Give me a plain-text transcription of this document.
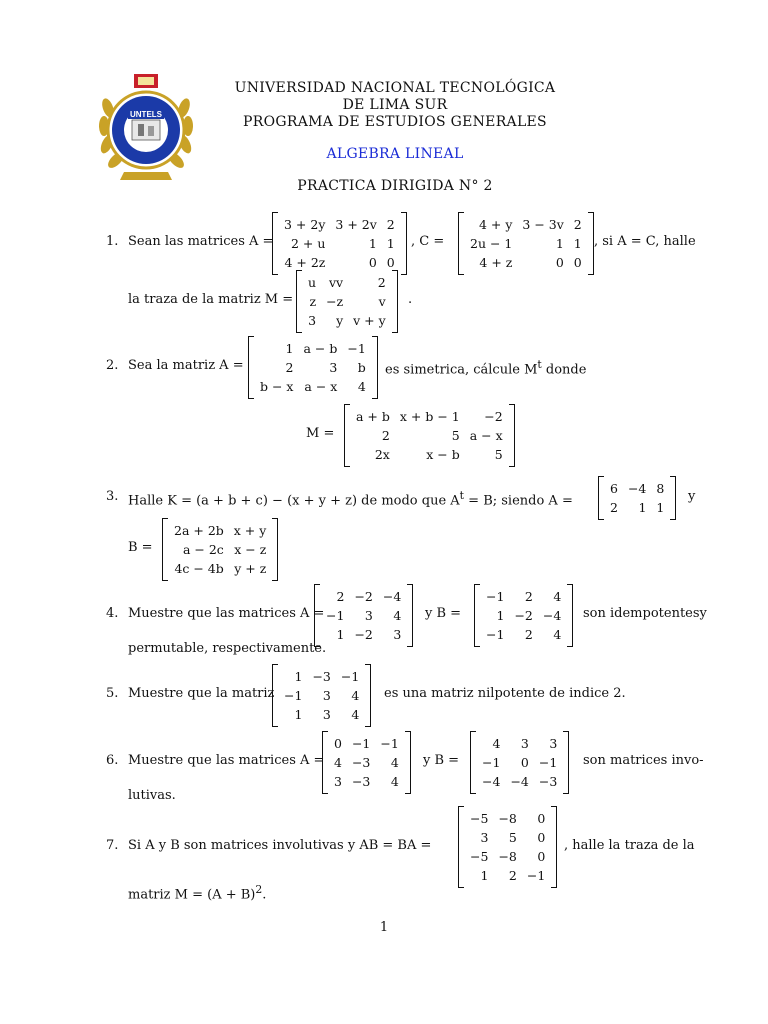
UNTELS
UNIVERSIDAD NACIONAL TECNOLÓGICA
DE LIMA SUR
PROGRAMA DE ESTUDIOS GENERALES
ALGEBRA LINEAL
PRACTICA DIRIGIDA N° 2
1. Sean las matrices A =
3 + 2y	3 + 2v	2
2 + u	1	1
4 + 2z	0	0
, C =
4 + y	3 − 3v	2
2u − 1	1	1
4 + z	0	0
, si A = C, halle
la traza de la matriz M =
u	vv	2
z	−z	v
3	y	v + y
.
2. Sea la matriz A =
1	a − b	−1
2	3	b
b − x	a − x	4
es simetrica, cálcule $M^t$ donde
M =
a + b	x + b − 1	−2
2	5	a − x
2x	x − b	5
3. Halle K = (a + b + c) − (x + y + z) de modo que $A^t = B$; siendo A =
6	−4	8
2	1	1
y
B =
2a + 2b	x + y
a − 2c	x − z
4c − 4b	y + z
4. Muestre que las matrices A =
2	−2	−4
−1	3	4
1	−2	3
y B =
−1	2	4
1	−2	−4
−1	2	4
son idempotentesy
permutable, respectivamente.
5. Muestre que la matriz
1	−3	−1
−1	3	4
1	3	4
es una matriz nilpotente de indice 2.
6. Muestre que las matrices A =
0	−1	−1
4	−3	4
3	−3	4
y B =
4	3	3
−1	0	−1
−4	−4	−3
son matrices invo-
lutivas.
7. Si A y B son matrices involutivas y AB = BA =
−5	−8	0
3	5	0
−5	−8	0
1	2	−1
, halle la traza de la
matriz $M = (A + B)^2$.
1
